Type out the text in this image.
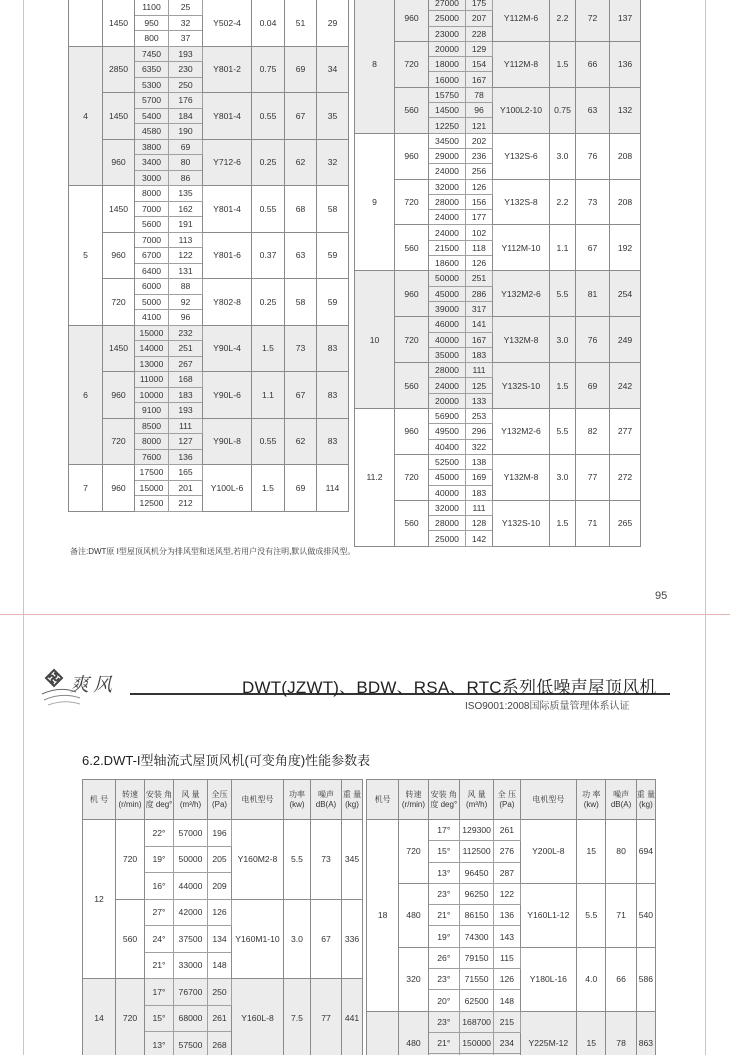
	1450	1100	25	Y502-4	0.04	51	29
		950	32				
		800	37				
4	2850	7450	193	Y801-2	0.75	69	34
		6350	230				
		5300	250				
	1450	5700	176	Y801-4	0.55	67	35
		5400	184				
		4580	190				
	960	3800	69	Y712-6	0.25	62	32
		3400	80				
		3000	86				
5	1450	8000	135	Y801-4	0.55	68	58
		7000	162				
		5600	191				
	960	7000	113	Y801-6	0.37	63	59
		6700	122				
		6400	131				
	720	6000	88	Y802-8	0.25	58	59
		5000	92				
		4100	96				
6	1450	15000	232	Y90L-4	1.5	73	83
		14000	251				
		13000	267				
	960	11000	168	Y90L-6	1.1	67	83
		10000	183				
		9100	193				
	720	8500	111	Y90L-8	0.55	62	83
		8000	127				
		7600	136				
7	960	17500	165	Y100L-6	1.5	69	114
		15000	201				
		12500	212				
8	960	27000	175	Y112M-6	2.2	72	137
		25000	207				
		23000	228				
	720	20000	129	Y112M-8	1.5	66	136
		18000	154				
		16000	167				
	560	15750	78	Y100L2-10	0.75	63	132
		14500	96				
		12250	121				
9	960	34500	202	Y132S-6	3.0	76	208
		29000	236				
		24000	256				
	720	32000	126	Y132S-8	2.2	73	208
		28000	156				
		24000	177				
	560	24000	102	Y112M-10	1.1	67	192
		21500	118				
		18600	126				
10	960	50000	251	Y132M2-6	5.5	81	254
		45000	286				
		39000	317				
	720	46000	141	Y132M-8	3.0	76	249
		40000	167				
		35000	183				
	560	28000	111	Y132S-10	1.5	69	242
		24000	125				
		20000	133				
11.2	960	56900	253	Y132M2-6	5.5	82	277
		49500	296				
		40400	322				
	720	52500	138	Y132M-8	3.0	77	272
		45000	169				
		40000	183				
	560	32000	111	Y132S-10	1.5	71	265
		28000	128				
		25000	142				
备注:DWT原 I型屋顶风机分为排风型和送风型,若用户没有注明,默认做成排风型。
95
爽风	DWT(JZWT)、BDW、RSA、RTC系列低噪声屋顶风机
ISO9001:2008国际质量管理体系认证
6.2.DWT-I型轴流式屋顶风机(可变角度)性能参数表
机 号	转速 (r/min)	安装 角度 deg°	风 量 (m³/h)	全压 (Pa)	电机型号	功率 (kw)	噪声 dB(A)	重 量 (kg)
12	720	22°	57000	196	Y160M2-8	5.5	73	345
		19°	50000	205				
		16°	44000	209				
	560	27°	42000	126	Y160M1-10	3.0	67	336
		24°	37500	134				
		21°	33000	148				
14	720	17°	76700	250	Y160L-8	7.5	77	441
		15°	68000	261				
		13°	57500	268				
机号	转速 (r/min)	安装 角度 deg°	风 量 (m³/h)	全 压 (Pa)	电机型号	功 率 (kw)	噪声 dB(A)	重 量 (kg)
18	720	17°	129300	261	Y200L-8	15	80	694
		15°	112500	276				
		13°	96450	287				
	480	23°	96250	122	Y160L1-12	5.5	71	540
		21°	86150	136				
		19°	74300	143				
	320	26°	79150	115	Y180L-16	4.0	66	586
		23°	71550	126				
		20°	62500	148				
	480	23°	168700	215	Y225M-12	15	78	863
		21°	150000	234				
